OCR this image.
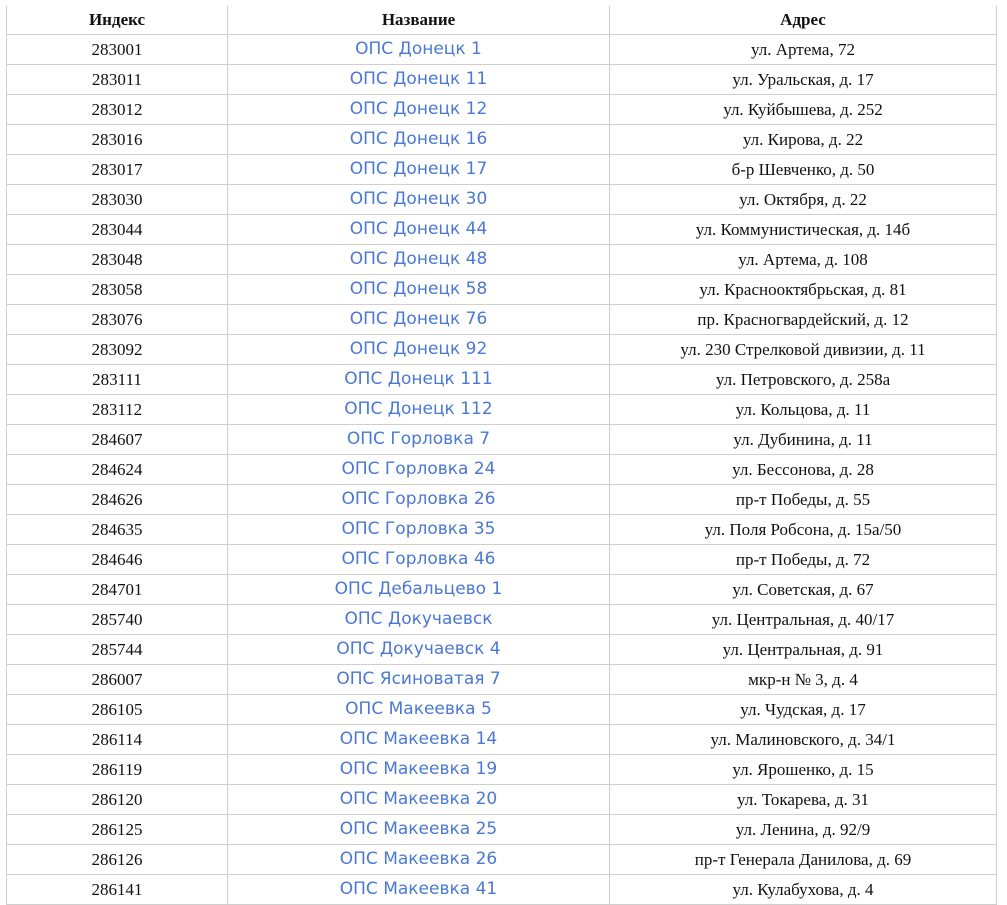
Индекс	Название	Адрес
283001	ОПС Донецк 1	ул. Артема, 72
283011	ОПС Донецк 11	ул. Уральская, д. 17
283012	ОПС Донецк 12	ул. Куйбышева, д. 252
283016	ОПС Донецк 16	ул. Кирова, д. 22
283017	ОПС Донецк 17	б-р Шевченко, д. 50
283030	ОПС Донецк 30	ул. Октября, д. 22
283044	ОПС Донецк 44	ул. Коммунистическая, д. 14б
283048	ОПС Донецк 48	ул. Артема, д. 108
283058	ОПС Донецк 58	ул. Краснооктябрьская, д. 81
283076	ОПС Донецк 76	пр. Красногвардейский, д. 12
283092	ОПС Донецк 92	ул. 230 Стрелковой дивизии, д. 11
283111	ОПС Донецк 111	ул. Петровского, д. 258а
283112	ОПС Донецк 112	ул. Кольцова, д. 11
284607	ОПС Горловка 7	ул. Дубинина, д. 11
284624	ОПС Горловка 24	ул. Бессонова, д. 28
284626	ОПС Горловка 26	пр-т Победы, д. 55
284635	ОПС Горловка 35	ул. Поля Робсона, д. 15а/50
284646	ОПС Горловка 46	пр-т Победы, д. 72
284701	ОПС Дебальцево 1	ул. Советская, д. 67
285740	ОПС Докучаевск	ул. Центральная, д. 40/17
285744	ОПС Докучаевск 4	ул. Центральная, д. 91
286007	ОПС Ясиноватая 7	мкр-н № 3, д. 4
286105	ОПС Макеевка 5	ул. Чудская, д. 17
286114	ОПС Макеевка 14	ул. Малиновского, д. 34/1
286119	ОПС Макеевка 19	ул. Ярошенко, д. 15
286120	ОПС Макеевка 20	ул. Токарева, д. 31
286125	ОПС Макеевка 25	ул. Ленина, д. 92/9
286126	ОПС Макеевка 26	пр-т Генерала Данилова, д. 69
286141	ОПС Макеевка 41	ул. Кулабухова, д. 4
